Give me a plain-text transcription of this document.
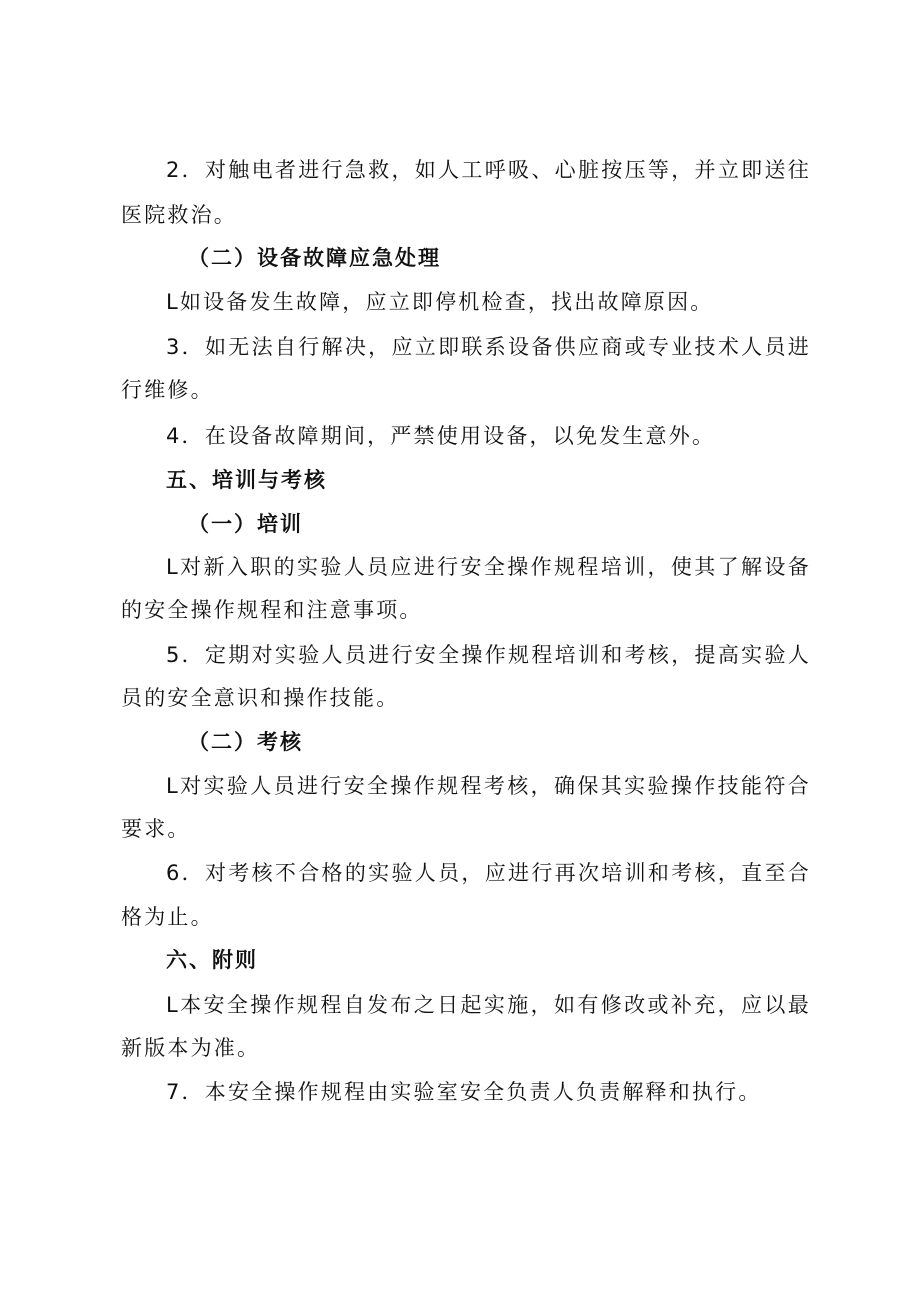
2．对触电者进行急救，如人工呼吸、心脏按压等，并立即送往
医院救治。
（二）设备故障应急处理
L如设备发生故障，应立即停机检查，找出故障原因。
3．如无法自行解决，应立即联系设备供应商或专业技术人员进
行维修。
4．在设备故障期间，严禁使用设备，以免发生意外。
五、培训与考核
（一）培训
L对新入职的实验人员应进行安全操作规程培训，使其了解设备
的安全操作规程和注意事项。
5．定期对实验人员进行安全操作规程培训和考核，提高实验人
员的安全意识和操作技能。
（二）考核
L对实验人员进行安全操作规程考核，确保其实验操作技能符合
要求。
6．对考核不合格的实验人员，应进行再次培训和考核，直至合
格为止。
六、附则
L本安全操作规程自发布之日起实施，如有修改或补充，应以最
新版本为准。
7．本安全操作规程由实验室安全负责人负责解释和执行。
